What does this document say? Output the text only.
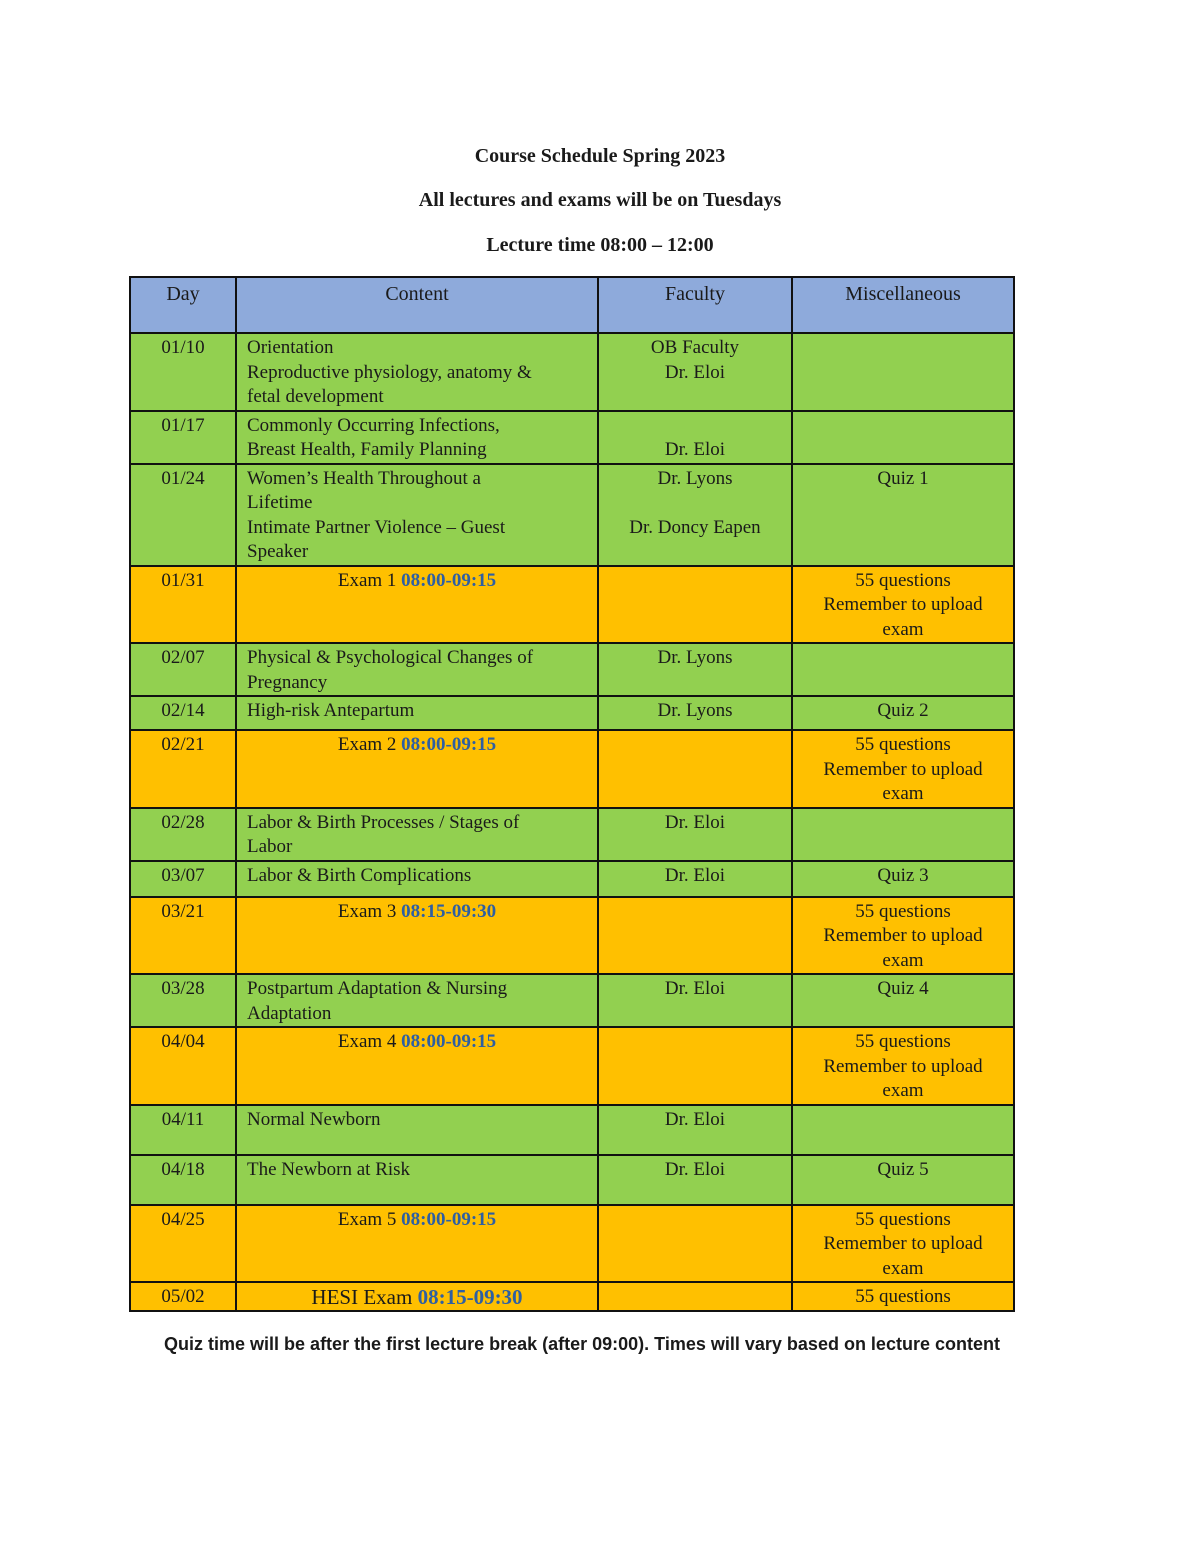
Course Schedule Spring 2023
All lectures and exams will be on Tuesdays
Lecture time 08:00 – 12:00
Day	Content	Faculty	Miscellaneous
01/10	Orientation
Reproductive physiology, anatomy &
fetal development	OB Faculty
Dr. Eloi	

01/17	Commonly Occurring Infections,
Breast Health, Family Planning	Dr. Eloi	

01/24	Women’s Health Throughout a
Lifetime
Intimate Partner Violence – Guest
Speaker	Dr. Lyons
Dr. Doncy Eapen	Quiz 1

01/31	Exam 1 08:00-09:15		55 questions
Remember to upload
exam

02/07	Physical & Psychological Changes of
Pregnancy	Dr. Lyons	

02/14	High-risk Antepartum	Dr. Lyons	Quiz 2

02/21	Exam 2 08:00-09:15		55 questions
Remember to upload
exam

02/28	Labor & Birth Processes / Stages of
Labor	Dr. Eloi	

03/07	Labor & Birth Complications	Dr. Eloi	Quiz 3

03/21	Exam 3 08:15-09:30		55 questions
Remember to upload
exam

03/28	Postpartum Adaptation & Nursing
Adaptation	Dr. Eloi	Quiz 4

04/04	Exam 4 08:00-09:15		55 questions
Remember to upload
exam

04/11	Normal Newborn	Dr. Eloi	

04/18	The Newborn at Risk	Dr. Eloi	Quiz 5

04/25	Exam 5 08:00-09:15		55 questions
Remember to upload
exam

05/02	HESI Exam 08:15-09:30		55 questions
Quiz time will be after the first lecture break (after 09:00). Times will vary based on lecture content
